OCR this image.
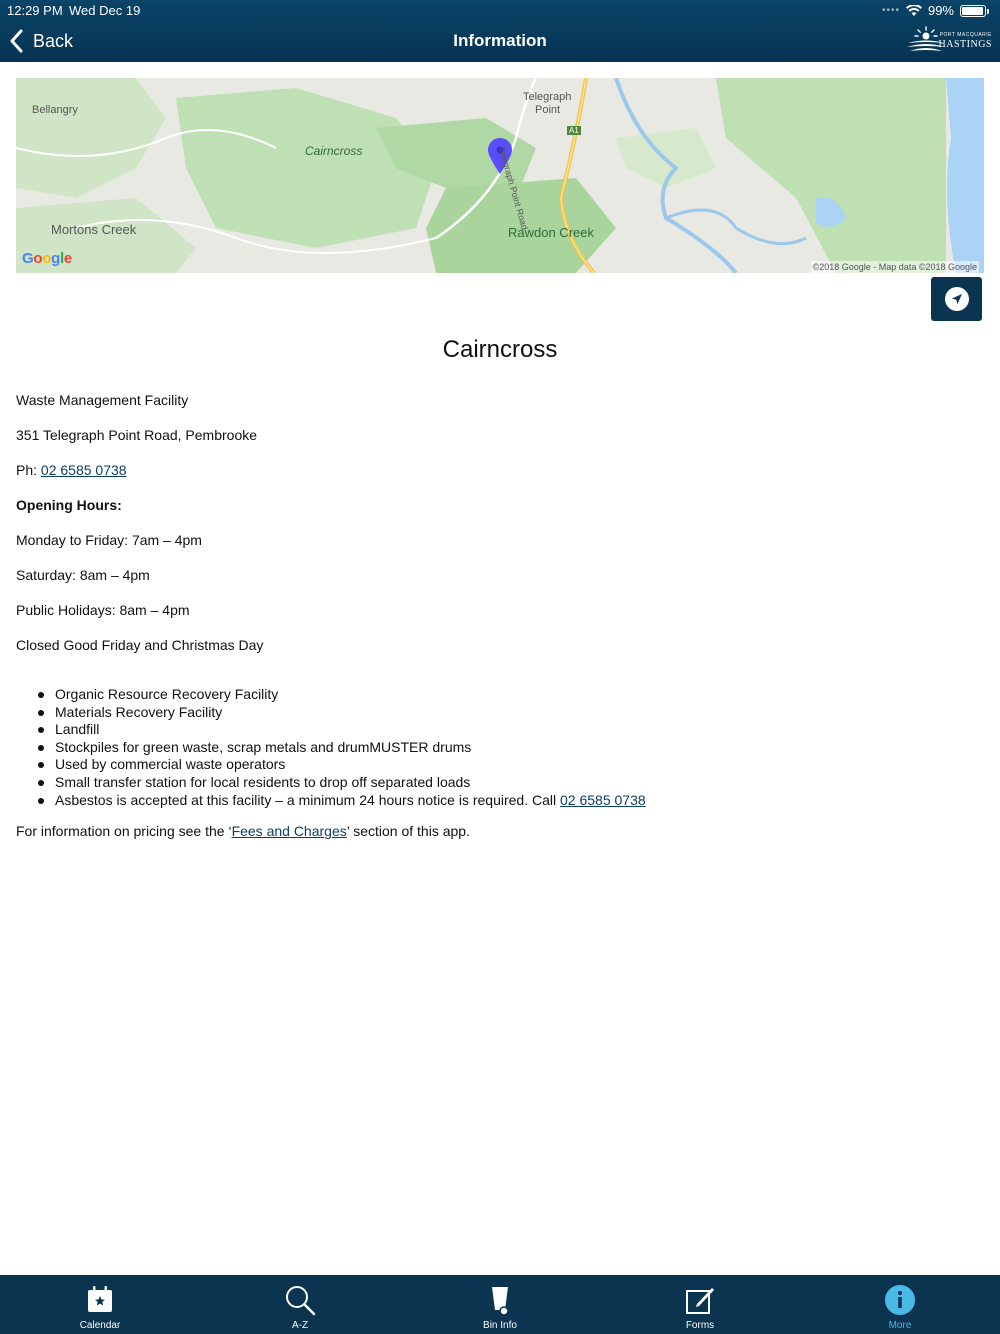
12:29 PM Wed Dec 19	•••• 99%
Back	Information	PORT MACQUARIE
HASTINGS
Bellangry
Telegraph
Point
Cairncross
Mortons Creek	Rawdon Creek
Telegraph Point Road
A1
Google	©2018 Google - Map data ©2018 Google
Cairncross

Waste Management Facility

351 Telegraph Point Road, Pembrooke

Ph: 02 6585 0738

Opening Hours:

Monday to Friday: 7am – 4pm

Saturday: 8am – 4pm

Public Holidays: 8am – 4pm

Closed Good Friday and Christmas Day

Organic Resource Recovery Facility
Materials Recovery Facility
Landfill
Stockpiles for green waste, scrap metals and drumMUSTER drums
Used by commercial waste operators
Small transfer station for local residents to drop off separated loads
Asbestos is accepted at this facility – a minimum 24 hours notice is required. Call 02 6585 0738
For information on pricing see the ‘Fees and Charges’ section of this app.
Calendar	A-Z	Bin Info	Forms	More
